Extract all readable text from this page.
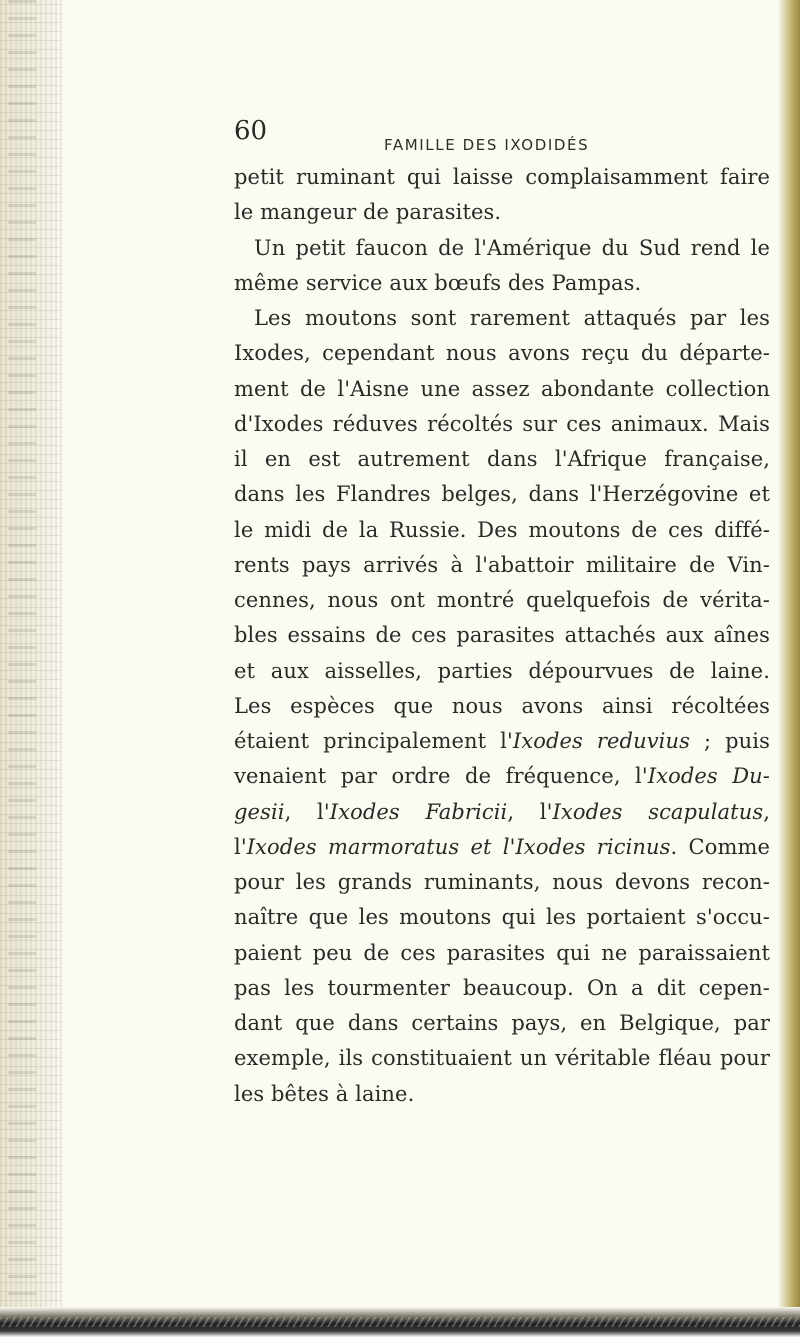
60	FAMILLE DES IXODIDÉS
petit ruminant qui laisse complaisamment faire
le mangeur de parasites.
Un petit faucon de l'Amérique du Sud rend le
même service aux bœufs des Pampas.
Les moutons sont rarement attaqués par les
Ixodes, cependant nous avons reçu du départe-
ment de l'Aisne une assez abondante collection
d'Ixodes réduves récoltés sur ces animaux. Mais
il en est autrement dans l'Afrique française,
dans les Flandres belges, dans l'Herzégovine et
le midi de la Russie. Des moutons de ces diffé-
rents pays arrivés à l'abattoir militaire de Vin-
cennes, nous ont montré quelquefois de vérita-
bles essains de ces parasites attachés aux aînes
et aux aisselles, parties dépourvues de laine.
Les espèces que nous avons ainsi récoltées
étaient principalement l'Ixodes reduvius ; puis
venaient par ordre de fréquence, l'Ixodes Du-
gesii, l'Ixodes Fabricii, l'Ixodes scapulatus,
l'Ixodes marmoratus et l'Ixodes ricinus. Comme
pour les grands ruminants, nous devons recon-
naître que les moutons qui les portaient s'occu-
paient peu de ces parasites qui ne paraissaient
pas les tourmenter beaucoup. On a dit cepen-
dant que dans certains pays, en Belgique, par
exemple, ils constituaient un véritable fléau pour
les bêtes à laine.
